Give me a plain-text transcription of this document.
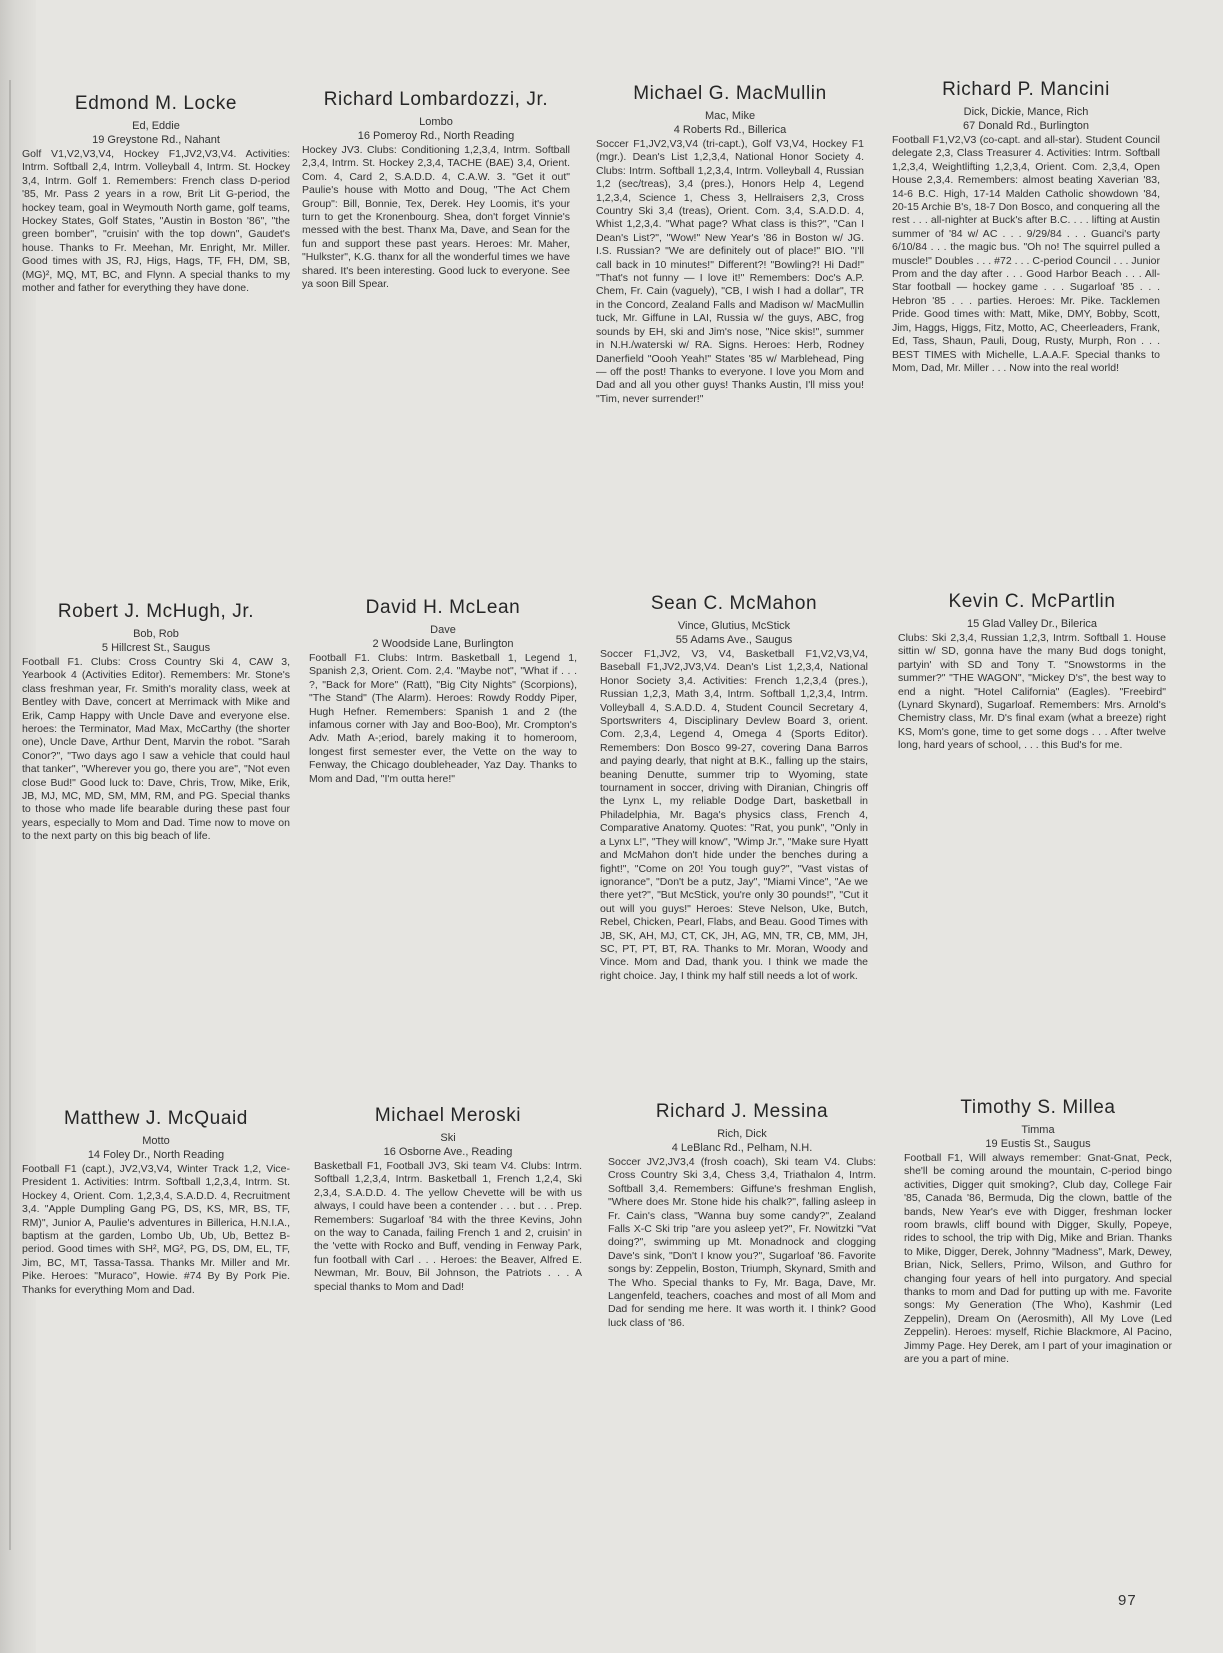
Edmond M. Locke

Ed, Eddie

19 Greystone Rd., Nahant

Golf V1,V2,V3,V4, Hockey F1,JV2,V3,V4. Activities: Intrm. Softball 2,4, Intrm. Volleyball 4, Intrm. St. Hockey 3,4, Intrm. Golf 1. Remembers: French class D-period '85, Mr. Pass 2 years in a row, Brit Lit G-period, the hockey team, goal in Weymouth North game, golf teams, Hockey States, Golf States, "Austin in Boston '86", "the green bomber", "cruisin' with the top down", Gaudet's house. Thanks to Fr. Meehan, Mr. Enright, Mr. Miller. Good times with JS, RJ, Higs, Hags, TF, FH, DM, SB, (MG)², MQ, MT, BC, and Flynn. A special thanks to my mother and father for everything they have done.

Richard Lombardozzi, Jr.

Lombo

16 Pomeroy Rd., North Reading

Hockey JV3. Clubs: Conditioning 1,2,3,4, Intrm. Softball 2,3,4, Intrm. St. Hockey 2,3,4, TACHE (BAE) 3,4, Orient. Com. 4, Card 2, S.A.D.D. 4, C.A.W. 3. "Get it out" Paulie's house with Motto and Doug, "The Act Chem Group": Bill, Bonnie, Tex, Derek. Hey Loomis, it's your turn to get the Kronenbourg. Shea, don't forget Vinnie's messed with the best. Thanx Ma, Dave, and Sean for the fun and support these past years. Heroes: Mr. Maher, "Hulkster", K.G. thanx for all the wonderful times we have shared. It's been interesting. Good luck to everyone. See ya soon Bill Spear.

Michael G. MacMullin

Mac, Mike

4 Roberts Rd., Billerica

Soccer F1,JV2,V3,V4 (tri-capt.), Golf V3,V4, Hockey F1 (mgr.). Dean's List 1,2,3,4, National Honor Society 4. Clubs: Intrm. Softball 1,2,3,4, Intrm. Volleyball 4, Russian 1,2 (sec/treas), 3,4 (pres.), Honors Help 4, Legend 1,2,3,4, Science 1, Chess 3, Hellraisers 2,3, Cross Country Ski 3,4 (treas), Orient. Com. 3,4, S.A.D.D. 4, Whist 1,2,3,4. "What page? What class is this?", "Can I Dean's List?", "Wow!" New Year's '86 in Boston w/ JG. I.S. Russian? "We are definitely out of place!" BIO. "I'll call back in 10 minutes!" Different?! "Bowling?! Hi Dad!" "That's not funny — I love it!" Remembers: Doc's A.P. Chem, Fr. Cain (vaguely), "CB, I wish I had a dollar", TR in the Concord, Zealand Falls and Madison w/ MacMullin tuck, Mr. Giffune in LAI, Russia w/ the guys, ABC, frog sounds by EH, ski and Jim's nose, "Nice skis!", summer in N.H./waterski w/ RA. Signs. Heroes: Herb, Rodney Danerfield "Oooh Yeah!" States '85 w/ Marblehead, Ping — off the post! Thanks to everyone. I love you Mom and Dad and all you other guys! Thanks Austin, I'll miss you! "Tim, never surrender!"

Richard P. Mancini

Dick, Dickie, Mance, Rich

67 Donald Rd., Burlington

Football F1,V2,V3 (co-capt. and all-star). Student Council delegate 2,3, Class Treasurer 4. Activities: Intrm. Softball 1,2,3,4, Weightlifting 1,2,3,4, Orient. Com. 2,3,4, Open House 2,3,4. Remembers: almost beating Xaverian '83, 14-6 B.C. High, 17-14 Malden Catholic showdown '84, 20-15 Archie B's, 18-7 Don Bosco, and conquering all the rest . . . all-nighter at Buck's after B.C. . . . lifting at Austin summer of '84 w/ AC . . . 9/29/84 . . . Guanci's party 6/10/84 . . . the magic bus. "Oh no! The squirrel pulled a muscle!" Doubles . . . #72 . . . C-period Council . . . Junior Prom and the day after . . . Good Harbor Beach . . . All-Star football — hockey game . . . Sugarloaf '85 . . . Hebron '85 . . . parties. Heroes: Mr. Pike. Tacklemen Pride. Good times with: Matt, Mike, DMY, Bobby, Scott, Jim, Haggs, Higgs, Fitz, Motto, AC, Cheerleaders, Frank, Ed, Tass, Shaun, Pauli, Doug, Rusty, Murph, Ron . . . BEST TIMES with Michelle, L.A.A.F. Special thanks to Mom, Dad, Mr. Miller . . . Now into the real world!

Robert J. McHugh, Jr.

Bob, Rob

5 Hillcrest St., Saugus

Football F1. Clubs: Cross Country Ski 4, CAW 3, Yearbook 4 (Activities Editor). Remembers: Mr. Stone's class freshman year, Fr. Smith's morality class, week at Bentley with Dave, concert at Merrimack with Mike and Erik, Camp Happy with Uncle Dave and everyone else. heroes: the Terminator, Mad Max, McCarthy (the shorter one), Uncle Dave, Arthur Dent, Marvin the robot. "Sarah Conor?", "Two days ago I saw a vehicle that could haul that tanker", "Wherever you go, there you are", "Not even close Bud!" Good luck to: Dave, Chris, Trow, Mike, Erik, JB, MJ, MC, MD, SM, MM, RM, and PG. Special thanks to those who made life bearable during these past four years, especially to Mom and Dad. Time now to move on to the next party on this big beach of life.

David H. McLean

Dave

2 Woodside Lane, Burlington

Football F1. Clubs: Intrm. Basketball 1, Legend 1, Spanish 2,3, Orient. Com. 2,4. "Maybe not", "What if . . . ?, "Back for More" (Ratt), "Big City Nights" (Scorpions), "The Stand" (The Alarm). Heroes: Rowdy Roddy Piper, Hugh Hefner. Remembers: Spanish 1 and 2 (the infamous corner with Jay and Boo-Boo), Mr. Crompton's Adv. Math A-;eriod, barely making it to homeroom, longest first semester ever, the Vette on the way to Fenway, the Chicago doubleheader, Yaz Day. Thanks to Mom and Dad, "I'm outta here!"

Sean C. McMahon

Vince, Glutius, McStick

55 Adams Ave., Saugus

Soccer F1,JV2, V3, V4, Basketball F1,V2,V3,V4, Baseball F1,JV2,JV3,V4. Dean's List 1,2,3,4, National Honor Society 3,4. Activities: French 1,2,3,4 (pres.), Russian 1,2,3, Math 3,4, Intrm. Softball 1,2,3,4, Intrm. Volleyball 4, S.A.D.D. 4, Student Council Secretary 4, Sportswriters 4, Disciplinary Devlew Board 3, orient. Com. 2,3,4, Legend 4, Omega 4 (Sports Editor). Remembers: Don Bosco 99-27, covering Dana Barros and paying dearly, that night at B.K., falling up the stairs, beaning Denutte, summer trip to Wyoming, state tournament in soccer, driving with Diranian, Chingris off the Lynx L, my reliable Dodge Dart, basketball in Philadelphia, Mr. Baga's physics class, French 4, Comparative Anatomy. Quotes: "Rat, you punk", "Only in a Lynx L!", "They will know", "Wimp Jr.", "Make sure Hyatt and McMahon don't hide under the benches during a fight!", "Come on 20! You tough guy?", "Vast vistas of ignorance", "Don't be a putz, Jay", "Miami Vince", "Ae we there yet?", "But McStick, you're only 30 pounds!", "Cut it out will you guys!" Heroes: Steve Nelson, Uke, Butch, Rebel, Chicken, Pearl, Flabs, and Beau. Good Times with JB, SK, AH, MJ, CT, CK, JH, AG, MN, TR, CB, MM, JH, SC, PT, PT, BT, RA. Thanks to Mr. Moran, Woody and Vince. Mom and Dad, thank you. I think we made the right choice. Jay, I think my half still needs a lot of work.

Kevin C. McPartlin

15 Glad Valley Dr., Bilerica

Clubs: Ski 2,3,4, Russian 1,2,3, Intrm. Softball 1. House sittin w/ SD, gonna have the many Bud dogs tonight, partyin' with SD and Tony T. "Snowstorms in the summer?" "THE WAGON", "Mickey D's", the best way to end a night. "Hotel California" (Eagles). "Freebird" (Lynard Skynard), Sugarloaf. Remembers: Mrs. Arnold's Chemistry class, Mr. D's final exam (what a breeze) right KS, Mom's gone, time to get some dogs . . . After twelve long, hard years of school, . . . this Bud's for me.

Matthew J. McQuaid

Motto

14 Foley Dr., North Reading

Football F1 (capt.), JV2,V3,V4, Winter Track 1,2, Vice-President 1. Activities: Intrm. Softball 1,2,3,4, Intrm. St. Hockey 4, Orient. Com. 1,2,3,4, S.A.D.D. 4, Recruitment 3,4. "Apple Dumpling Gang PG, DS, KS, MR, BS, TF, RM)", Junior A, Paulie's adventures in Billerica, H.N.I.A., baptism at the garden, Lombo Ub, Ub, Ub, Bettez B-period. Good times with SH², MG², PG, DS, DM, EL, TF, Jim, BC, MT, Tassa-Tassa. Thanks Mr. Miller and Mr. Pike. Heroes: "Muraco", Howie. #74 By By Pork Pie. Thanks for everything Mom and Dad.

Michael Meroski

Ski

16 Osborne Ave., Reading

Basketball F1, Football JV3, Ski team V4. Clubs: Intrm. Softball 1,2,3,4, Intrm. Basketball 1, French 1,2,4, Ski 2,3,4, S.A.D.D. 4. The yellow Chevette will be with us always, I could have been a contender . . . but . . . Prep. Remembers: Sugarloaf '84 with the three Kevins, John on the way to Canada, failing French 1 and 2, cruisin' in the 'vette with Rocko and Buff, vending in Fenway Park, fun football with Carl . . . Heroes: the Beaver, Alfred E. Newman, Mr. Bouv, Bil Johnson, the Patriots . . . A special thanks to Mom and Dad!

Richard J. Messina

Rich, Dick

4 LeBlanc Rd., Pelham, N.H.

Soccer JV2,JV3,4 (frosh coach), Ski team V4. Clubs: Cross Country Ski 3,4, Chess 3,4, Triathalon 4, Intrm. Softball 3,4. Remembers: Giffune's freshman English, "Where does Mr. Stone hide his chalk?", falling asleep in Fr. Cain's class, "Wanna buy some candy?", Zealand Falls X-C Ski trip "are you asleep yet?", Fr. Nowitzki "Vat doing?", swimming up Mt. Monadnock and clogging Dave's sink, "Don't I know you?", Sugarloaf '86. Favorite songs by: Zeppelin, Boston, Triumph, Skynard, Smith and The Who. Special thanks to Fy, Mr. Baga, Dave, Mr. Langenfeld, teachers, coaches and most of all Mom and Dad for sending me here. It was worth it. I think? Good luck class of '86.

Timothy S. Millea

Timma

19 Eustis St., Saugus

Football F1, Will always remember: Gnat-Gnat, Peck, she'll be coming around the mountain, C-period bingo activities, Digger quit smoking?, Club day, College Fair '85, Canada '86, Bermuda, Dig the clown, battle of the bands, New Year's eve with Digger, freshman locker room brawls, cliff bound with Digger, Skully, Popeye, rides to school, the trip with Dig, Mike and Brian. Thanks to Mike, Digger, Derek, Johnny "Madness", Mark, Dewey, Brian, Nick, Sellers, Primo, Wilson, and Guthro for changing four years of hell into purgatory. And special thanks to mom and Dad for putting up with me. Favorite songs: My Generation (The Who), Kashmir (Led Zeppelin), Dream On (Aerosmith), All My Love (Led Zeppelin). Heroes: myself, Richie Blackmore, Al Pacino, Jimmy Page. Hey Derek, am I part of your imagination or are you a part of mine.

97
